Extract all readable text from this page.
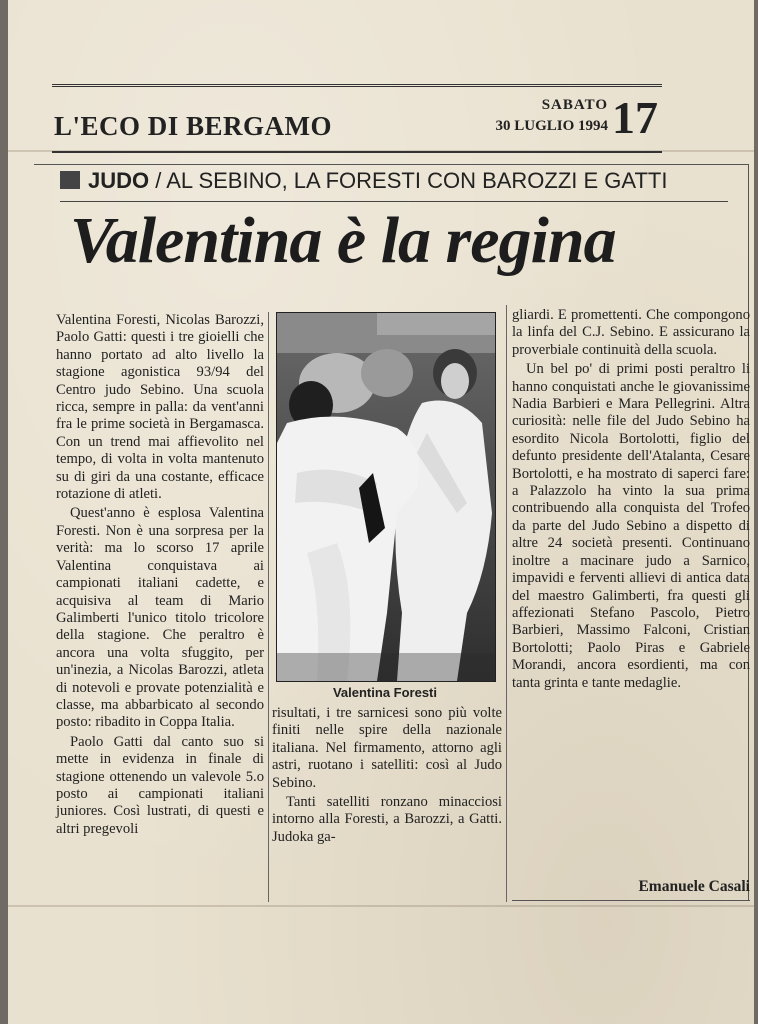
L'ECO DI BERGAMO
SABATO
30 LUGLIO 1994 17
JUDO / AL SEBINO, LA FORESTI CON BAROZZI E GATTI
Valentina è la regina

Valentina Foresti, Nicolas Barozzi, Paolo Gatti: questi i tre gioielli che hanno portato ad alto livello la stagione agonistica 93/94 del Centro judo Sebino. Una scuola ricca, sempre in palla: da vent'anni fra le prime società in Bergamasca. Con un trend mai affievolito nel tempo, di volta in volta mantenuto su di giri da una costante, efficace rotazione di atleti.

Quest'anno è esplosa Valentina Foresti. Non è una sorpresa per la verità: ma lo scorso 17 aprile Valentina conquistava ai campionati italiani cadette, e acquisiva al team di Mario Galimberti l'unico titolo tricolore della stagione. Che peraltro è ancora una volta sfuggito, per un'inezia, a Nicolas Barozzi, atleta di notevoli e provate potenzialità e classe, ma abbarbicato al secondo posto: ribadito in Coppa Italia.

Paolo Gatti dal canto suo si mette in evidenza in finale di stagione ottenendo un valevole 5.o posto ai campionati italiani juniores. Così lustrati, di questi e altri pregevoli

Valentina Foresti

risultati, i tre sarnicesi sono più volte finiti nelle spire della nazionale italiana. Nel firmamento, attorno agli astri, ruotano i satelliti: così al Judo Sebino.

Tanti satelliti ronzano minacciosi intorno alla Foresti, a Barozzi, a Gatti. Judoka ga-

gliardi. E promettenti. Che compongono la linfa del C.J. Sebino. E assicurano la proverbiale continuità della scuola.

Un bel po' di primi posti peraltro li hanno conquistati anche le giovanissime Nadia Barbieri e Mara Pellegrini. Altra curiosità: nelle file del Judo Sebino ha esordito Nicola Bortolotti, figlio del defunto presidente dell'Atalanta, Cesare Bortolotti, e ha mostrato di saperci fare: a Palazzolo ha vinto la sua prima contribuendo alla conquista del Trofeo da parte del Judo Sebino a dispetto di altre 24 società presenti. Continuano inoltre a macinare judo a Sarnico, impavidi e ferventi allievi di antica data del maestro Galimberti, fra questi gli affezionati Stefano Pascolo, Pietro Barbieri, Massimo Falconi, Cristian Bortolotti; Paolo Piras e Gabriele Morandi, ancora esordienti, ma con tanta grinta e tante medaglie.

Emanuele Casali
